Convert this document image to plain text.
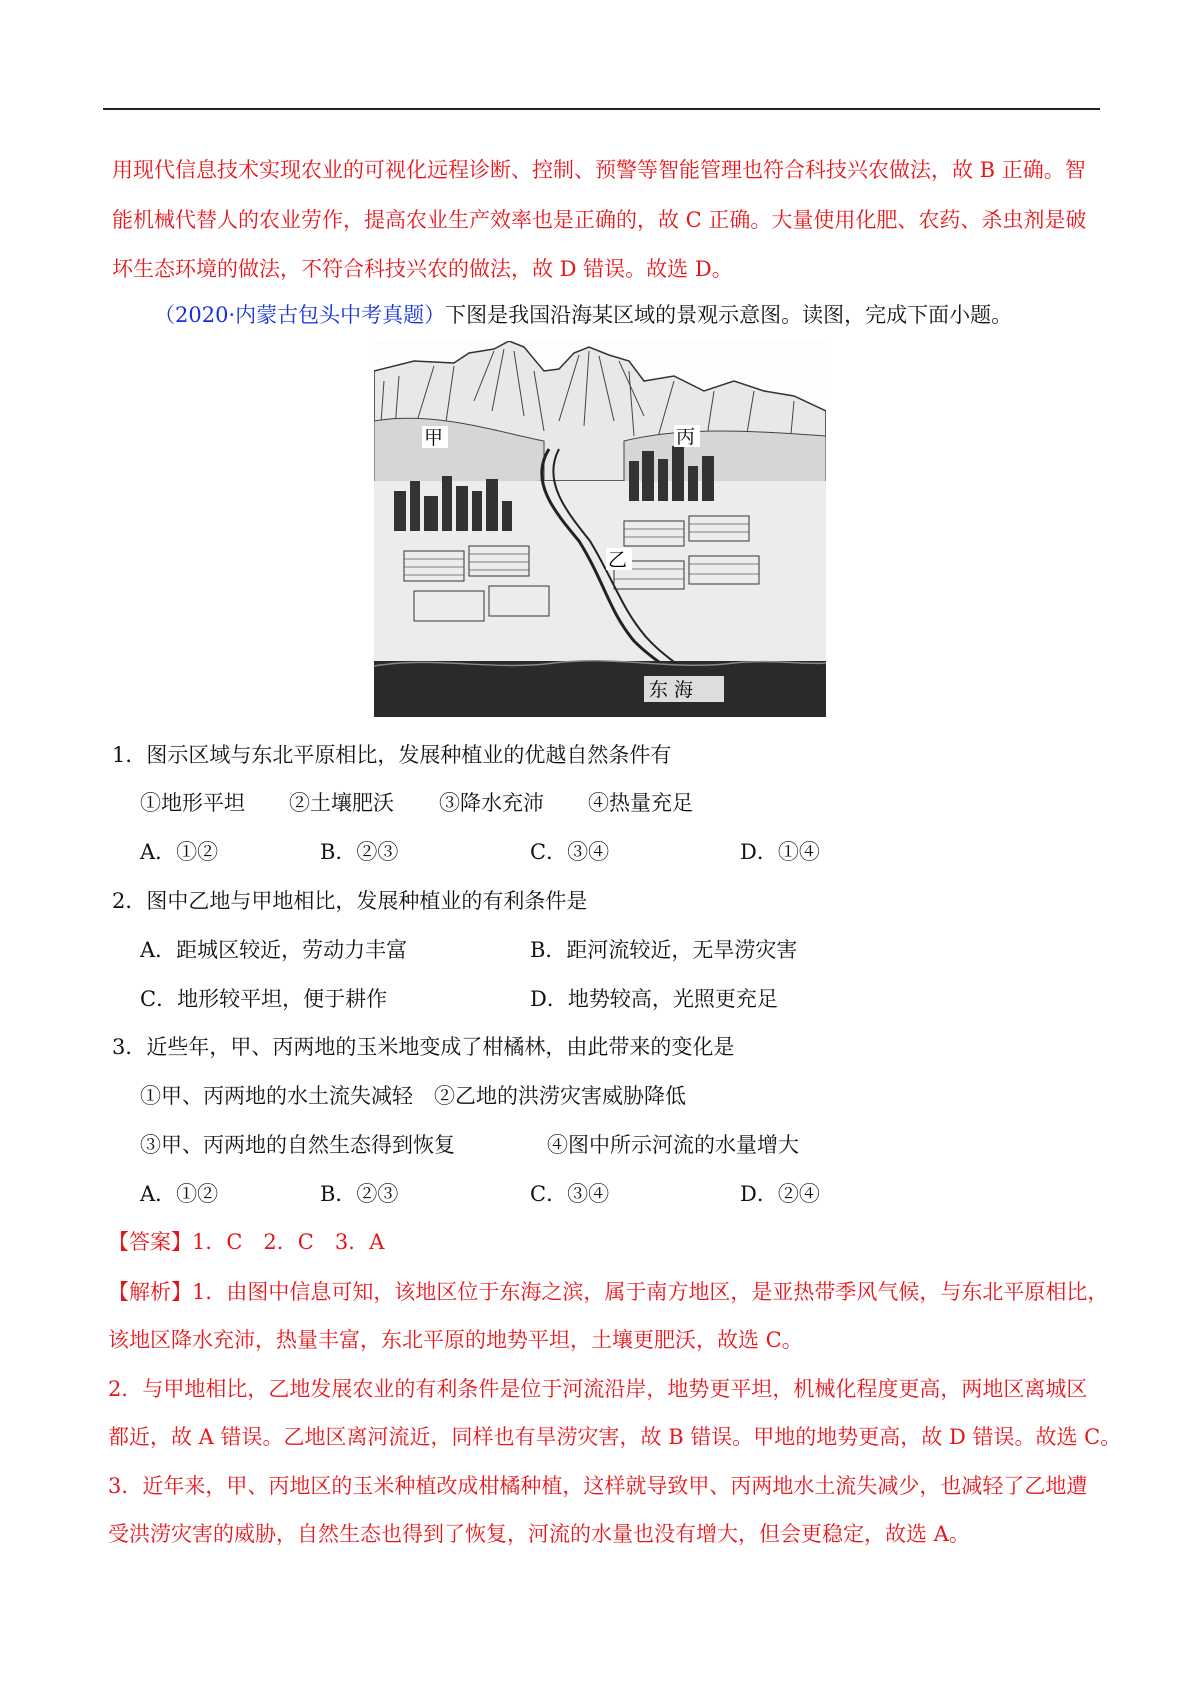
用现代信息技术实现农业的可视化远程诊断、控制、预警等智能管理也符合科技兴农做法，故 B 正确。智
能机械代替人的农业劳作，提高农业生产效率也是正确的，故 C 正确。大量使用化肥、农药、杀虫剂是破
坏生态环境的做法，不符合科技兴农的做法，故 D 错误。故选 D。
（2020·内蒙古包头中考真题）下图是我国沿海某区域的景观示意图。读图，完成下面小题。
甲	丙
乙
东 海
1．图示区域与东北平原相比，发展种植业的优越自然条件有
①地形平坦 ②土壤肥沃 ③降水充沛 ④热量充足
A．①②	B．②③	C．③④	D．①④
2．图中乙地与甲地相比，发展种植业的有利条件是
A．距城区较近，劳动力丰富	B．距河流较近，无旱涝灾害
C．地形较平坦，便于耕作	D．地势较高，光照更充足
3．近些年，甲、丙两地的玉米地变成了柑橘林，由此带来的变化是
①甲、丙两地的水土流失减轻 ②乙地的洪涝灾害威胁降低
③甲、丙两地的自然生态得到恢复	④图中所示河流的水量增大
A．①②	B．②③	C．③④	D．②④
【答案】1．C　2．C　3．A
【解析】1．由图中信息可知，该地区位于东海之滨，属于南方地区，是亚热带季风气候，与东北平原相比，
该地区降水充沛，热量丰富，东北平原的地势平坦，土壤更肥沃，故选 C。
2．与甲地相比，乙地发展农业的有利条件是位于河流沿岸，地势更平坦，机械化程度更高，两地区离城区
都近，故 A 错误。乙地区离河流近，同样也有旱涝灾害，故 B 错误。甲地的地势更高，故 D 错误。故选 C。
3．近年来，甲、丙地区的玉米种植改成柑橘种植，这样就导致甲、丙两地水土流失减少，也减轻了乙地遭
受洪涝灾害的威胁，自然生态也得到了恢复，河流的水量也没有增大，但会更稳定，故选 A。
